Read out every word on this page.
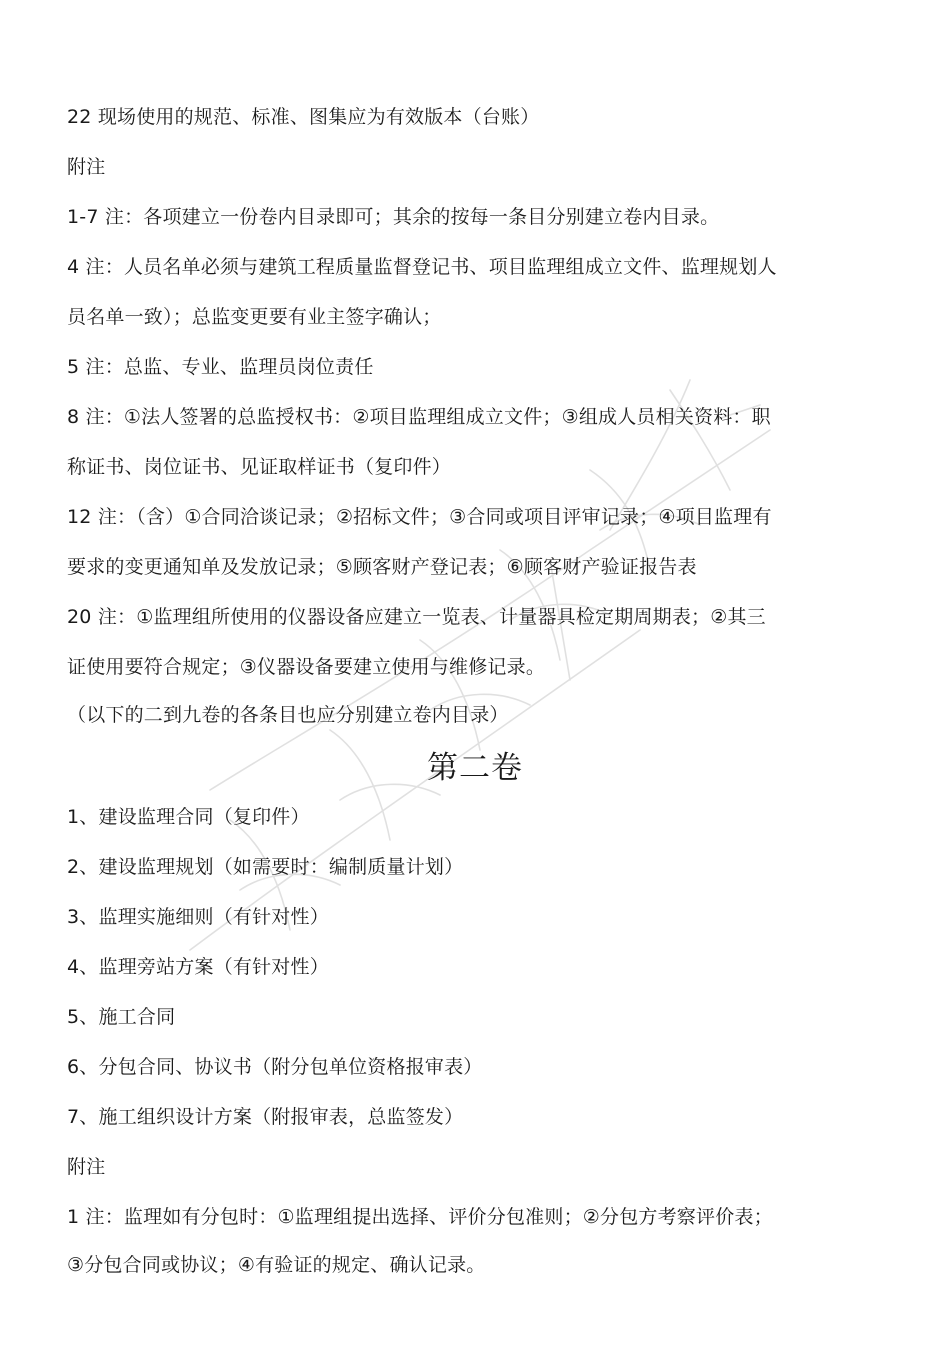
22 现场使用的规范、标准、图集应为有效版本（台账）
附注
1-7 注：各项建立一份卷内目录即可；其余的按每一条目分别建立卷内目录。
4 注：人员名单必须与建筑工程质量监督登记书、项目监理组成立文件、监理规划人
员名单一致）；总监变更要有业主签字确认；
5 注：总监、专业、监理员岗位责任
8 注：①法人签署的总监授权书：②项目监理组成立文件；③组成人员相关资料：职
称证书、岗位证书、见证取样证书（复印件）
12 注：（含）①合同洽谈记录；②招标文件；③合同或项目评审记录；④项目监理有
要求的变更通知单及发放记录；⑤顾客财产登记表；⑥顾客财产验证报告表
20 注：①监理组所使用的仪器设备应建立一览表、计量器具检定期周期表；②其三
证使用要符合规定；③仪器设备要建立使用与维修记录。
（以下的二到九卷的各条目也应分别建立卷内目录）
第二卷
1、建设监理合同（复印件）
2、建设监理规划（如需要时：编制质量计划）
3、监理实施细则（有针对性）
4、监理旁站方案（有针对性）
5、施工合同
6、分包合同、协议书（附分包单位资格报审表）
7、施工组织设计方案（附报审表，总监签发）
附注
1 注：监理如有分包时：①监理组提出选择、评价分包准则；②分包方考察评价表；
③分包合同或协议；④有验证的规定、确认记录。
